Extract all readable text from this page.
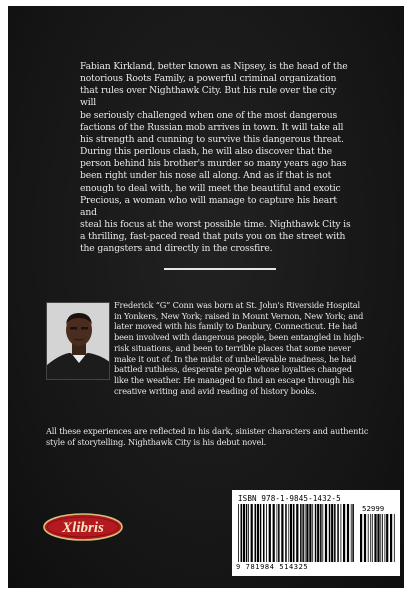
Fabian Kirkland, better known as Nipsey, is the head of the
notorious Roots Family, a powerful criminal organization
that rules over Nighthawk City. But his rule over the city will
be seriously challenged when one of the most dangerous
factions of the Russian mob arrives in town. It will take all
his strength and cunning to survive this dangerous threat.
During this perilous clash, he will also discover that the
person behind his brother's murder so many years ago has
been right under his nose all along. And as if that is not
enough to deal with, he will meet the beautiful and exotic
Precious, a woman who will manage to capture his heart and
steal his focus at the worst possible time. Nighthawk City is
a thrilling, fast-paced read that puts you on the street with
the gangsters and directly in the crossfire.
Frederick “G” Conn was born at St. John's Riverside Hospital
in Yonkers, New York; raised in Mount Vernon, New York; and
later moved with his family to Danbury, Connecticut. He had
been involved with dangerous people, been entangled in high-
risk situations, and been to terrible places that some never
make it out of. In the midst of unbelievable madness, he had
battled ruthless, desperate people whose loyalties changed
like the weather. He managed to find an escape through his
creative writing and avid reading of history books.
All these experiences are reflected in his dark, sinister characters and authentic
style of storytelling. Nighthawk City is his debut novel.
Xlibris
ISBN 978-1-9845-1432-5
52999
9 781984 514325
